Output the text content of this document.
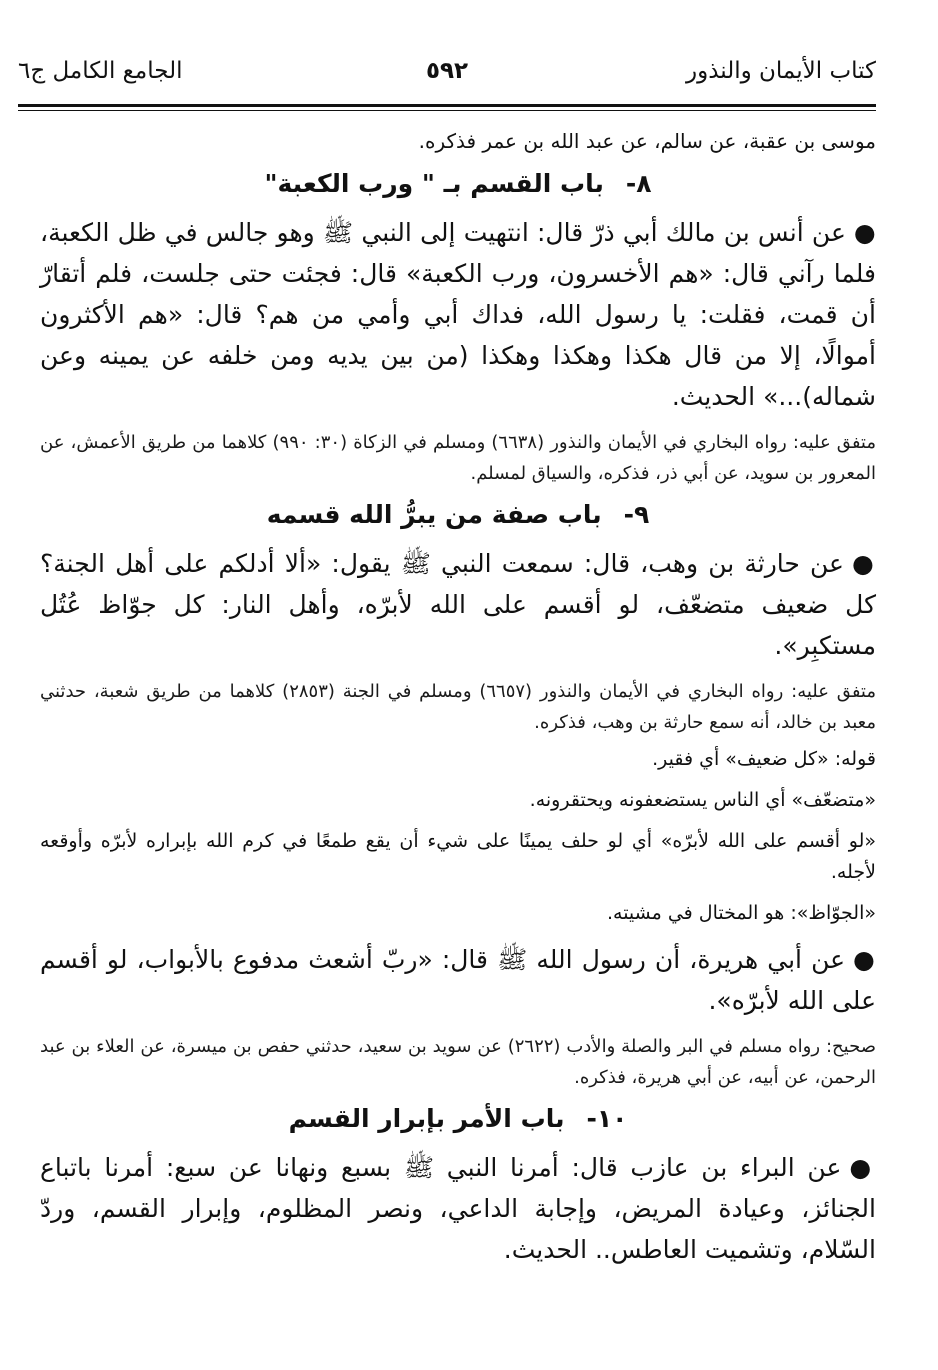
كتاب الأيمان والنذور
٥٩٢
الجامع الكامل ج٦

موسى بن عقبة، عن سالم، عن عبد الله بن عمر فذكره.

٨-باب القسم بـ " ورب الكعبة"

●عن أنس بن مالك أبي ذرّ قال: انتهيت إلى النبي ﷺ وهو جالس في ظل الكعبة، فلما رآني قال: «هم الأخسرون، ورب الكعبة» قال: فجئت حتى جلست، فلم أتقارّ أن قمت، فقلت: يا رسول الله، فداك أبي وأمي من هم؟ قال: «هم الأكثرون أموالًا، إلا من قال هكذا وهكذا وهكذا (من بين يديه ومن خلفه عن يمينه وعن شماله)...» الحديث.

متفق عليه: رواه البخاري في الأيمان والنذور (٦٦٣٨) ومسلم في الزكاة (٣٠: ٩٩٠) كلاهما من طريق الأعمش، عن المعرور بن سويد، عن أبي ذر، فذكره، والسياق لمسلم.

٩-باب صفة من يبرُّ الله قسمه

●عن حارثة بن وهب، قال: سمعت النبي ﷺ يقول: «ألا أدلكم على أهل الجنة؟ كل ضعيف متضعّف، لو أقسم على الله لأبرّه، وأهل النار: كل جوّاظ عُتُل مستكبِر».

متفق عليه: رواه البخاري في الأيمان والنذور (٦٦٥٧) ومسلم في الجنة (٢٨٥٣) كلاهما من طريق شعبة، حدثني معبد بن خالد، أنه سمع حارثة بن وهب، فذكره.

قوله: «كل ضعيف» أي فقير.

«متضعّف» أي الناس يستضعفونه ويحتقرونه.

«لو أقسم على الله لأبرّه» أي لو حلف يمينًا على شيء أن يقع طمعًا في كرم الله بإبراره لأبرّه وأوقعه لأجله.

«الجوّاظ»: هو المختال في مشيته.

●عن أبي هريرة، أن رسول الله ﷺ قال: «ربّ أشعث مدفوع بالأبواب، لو أقسم على الله لأبرّه».

صحيح: رواه مسلم في البر والصلة والأدب (٢٦٢٢) عن سويد بن سعيد، حدثني حفص بن ميسرة، عن العلاء بن عبد الرحمن، عن أبيه، عن أبي هريرة، فذكره.

١٠-باب الأمر بإبرار القسم

●عن البراء بن عازب قال: أمرنا النبي ﷺ بسبع ونهانا عن سبع: أمرنا باتباع الجنائز، وعيادة المريض، وإجابة الداعي، ونصر المظلوم، وإبرار القسم، وردّ السّلام، وتشميت العاطس.. الحديث.
